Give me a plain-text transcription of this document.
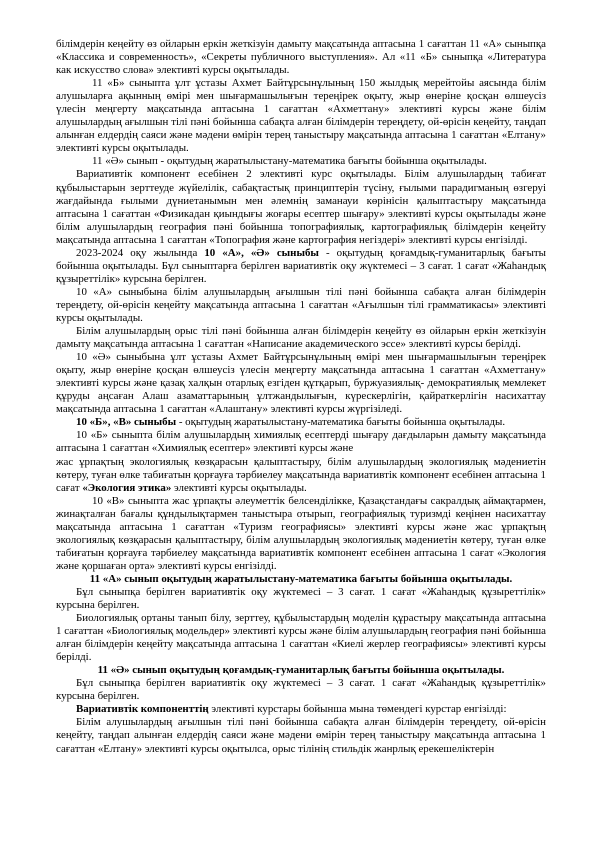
білімдерін кеңейту өз ойларын еркін жеткізуін дамыту мақсатында аптасына 1 сағаттан 11 «А» сыныпқа «Классика и современность», «Секреты публичного выступления». Ал «11 «Б» сыныпқа «Литература как искусство слова» элективті курсы оқытылады.

11 «Б» сыныпта ұлт ұстазы Ахмет Байтұрсынұлының 150 жылдық мерейтойы аясында білім алушыларға ақынның өмірі мен шығармашылығын тереңірек оқыту, жыр өнеріне қосқан өлшеусіз үлесін меңгерту мақсатында аптасына 1 сағаттан «Ахметтану» элективті курсы және білім алушылардың ағылшын тілі пәні бойынша сабақта алған білімдерін тереңдету, ой-өрісін кеңейту, таңдап алынған елдердің саяси және мәдени өмірін терең таныстыру мақсатында аптасына 1 сағаттан «Елтану» элективті курсы оқытылады.

11 «Ә» сынып - оқытудың жаратылыстану-математика бағыты бойынша оқытылады.

Вариативтік компонент есебінен 2 элективті курс оқытылады. Білім алушылардың табиғат құбылыстарын зерттеуде жүйелілік, сабақтастық принциптерін түсіну, ғылыми парадигманың өзгеруі жағдайында ғылыми дүниетанымын мен әлемнің заманауи көрінісін қалыптастыру мақсатында аптасына 1 сағаттан «Физикадан қиындығы жоғары есептер шығару» элективті курсы оқытылады және білім алушылардың география пәні бойынша топографиялық, картографиялық білімдерін кеңейту мақсатында аптасына 1 сағаттан «Топография және картография негіздері» элективті курсы енгізілді.

2023-2024 оқу жылында 10 «А», «Ә» сыныбы - оқытудың қоғамдық-гуманитарлық бағыты бойынша оқытылады. Бұл сыныптарға берілген вариативтік оқу жүктемесі – 3 сағат. 1 сағат «Жаһандық құзыреттілік» курсына берілген.

10 «А» сыныбына білім алушылардың ағылшын тілі пәні бойынша сабақта алған білімдерін тереңдету, ой-өрісін кеңейту мақсатында аптасына 1 сағаттан «Ағылшын тілі грамматикасы» элективті курсы оқытылады.

Білім алушылардың орыс тілі пәні бойынша алған білімдерін кеңейту өз ойларын еркін жеткізуін дамыту мақсатында аптасына 1 сағаттан «Написание академического эссе» элективті курсы берілді.

10 «Ә» сыныбына ұлт ұстазы Ахмет Байтұрсынұлының өмірі мен шығармашылығын тереңірек оқыту, жыр өнеріне қосқан өлшеусіз үлесін меңгерту мақсатында аптасына 1 сағаттан «Ахметтану» элективті курсы және қазақ халқын отарлық езгіден құтқарып, буржуазиялық- демократиялық мемлекет құруды аңсаған Алаш азаматтарының ұлтжандылығын, күрескерлігін, қайраткерлігін насихаттау мақсатында аптасына 1 сағаттан «Алаштану» элективті курсы жүргізіледі.

10 «Б», «В» сыныбы - оқытудың жаратылыстану-математика бағыты бойынша оқытылады.

10 «Б» сыныпта білім алушылардың химиялық есептерді шығару дағдыларын дамыту мақсатында аптасына 1 сағаттан «Химиялық есептер» элективті курсы және

жас ұрпақтың экологиялық көзқарасын қалыптастыру, білім алушылардың экологиялық мәдениетін көтеру, туған өлке табиғатын қорғауға тәрбиелеу мақсатында вариативтік компонент есебінен аптасына 1 сағат «Экология этика» элективті курсы оқытылады.

10 «В» сыныпта жас ұрпақты әлеуметтік белсенділікке, Қазақстандағы сакралдық аймақтармен, жинақталған бағалы құндылықтармен таныстыра отырып, географиялық туризмді кеңінен насихаттау мақсатында аптасына 1 сағаттан «Туризм географиясы» элективті курсы және жас ұрпақтың экологиялық көзқарасын қалыптастыру, білім алушылардың экологиялық мәдениетін көтеру, туған өлке табиғатын қорғауға тәрбиелеу мақсатында вариативтік компонент есебінен аптасына 1 сағат «Экология және қоршаған орта» элективті курсы енгізілді.

11 «А» сынып оқытудың жаратылыстану-математика бағыты бойынша оқытылады.

Бұл сыныпқа берілген вариативтік оқу жүктемесі – 3 сағат. 1 сағат «Жаһандық құзыреттілік» курсына берілген.

Биологиялық ортаны танып білу, зерттеу, құбылыстардың моделін құрастыру мақсатында аптасына 1 сағаттан «Биологиялық модельдер» элективті курсы және білім алушылардың география пәні бойынша алған білімдерін кеңейту мақсатында аптасына 1 сағаттан «Киелі жерлер географиясы» элективті курсы берілді.

11 «Ә» сынып оқытудың қоғамдық-гуманитарлық бағыты бойынша оқытылады.

Бұл сыныпқа берілген вариативтік оқу жүктемесі – 3 сағат. 1 сағат «Жаһандық құзыреттілік» курсына берілген.

Вариативтік компоненттің элективті курстары бойынша мына төмендегі курстар енгізілді:

Білім алушылардың ағылшын тілі пәні бойынша сабақта алған білімдерін тереңдету, ой-өрісін кеңейту, таңдап алынған елдердің саяси және мәдени өмірін терең таныстыру мақсатында аптасына 1 сағаттан «Елтану» элективті курсы оқытылса, орыс тілінің стильдік жанрлық ерекешеліктерін
